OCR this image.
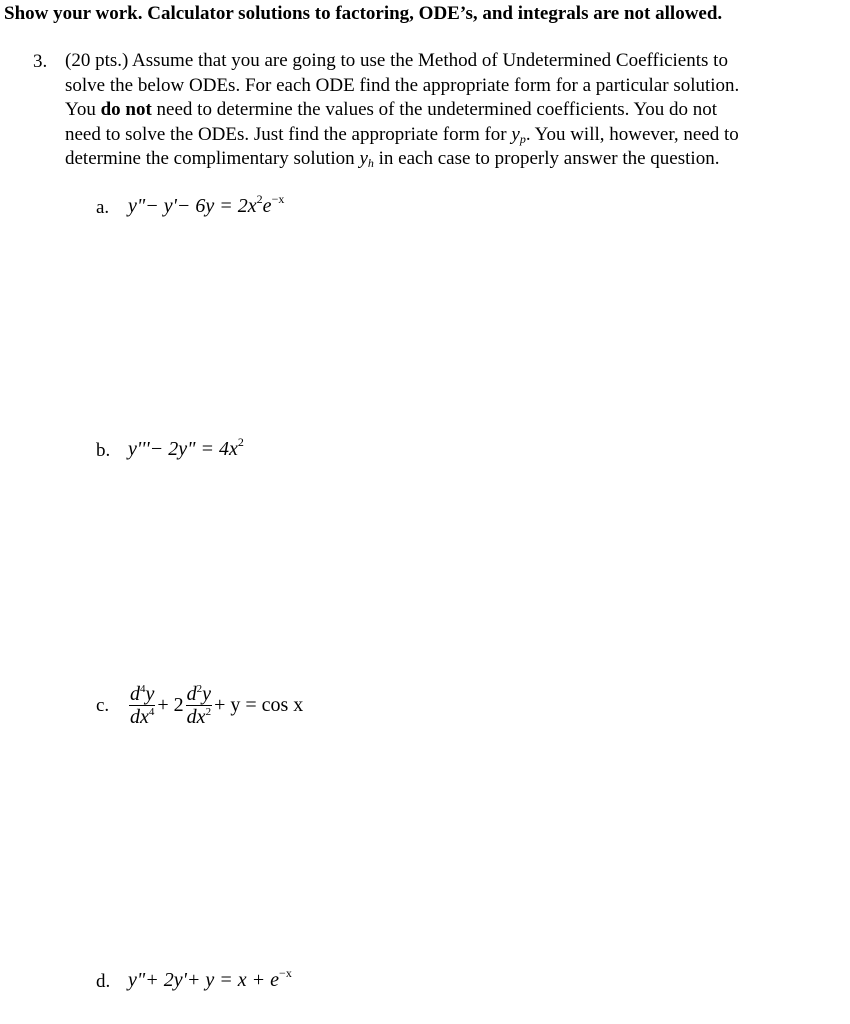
Show your work. Calculator solutions to factoring, ODE’s, and integrals are not allowed.
3. (20 pts.) Assume that you are going to use the Method of Undetermined Coefficients to
solve the below ODEs. For each ODE find the appropriate form for a particular solution.
You do not need to determine the values of the undetermined coefficients. You do not
need to solve the ODEs. Just find the appropriate form for $y_p$. You will, however, need to
determine the complimentary solution $y_h$ in each case to properly answer the question.
a. y"− $y'- 6y = 2x^2e^{-x}$
b. y'''− 2y" = $4x^2$
c. $\frac{d^4y}{dx^4} + 2 \frac{d^2y}{dx^2} + y = \cos x$
d. y"+ $2y'+ y = x + e^{-x}$
